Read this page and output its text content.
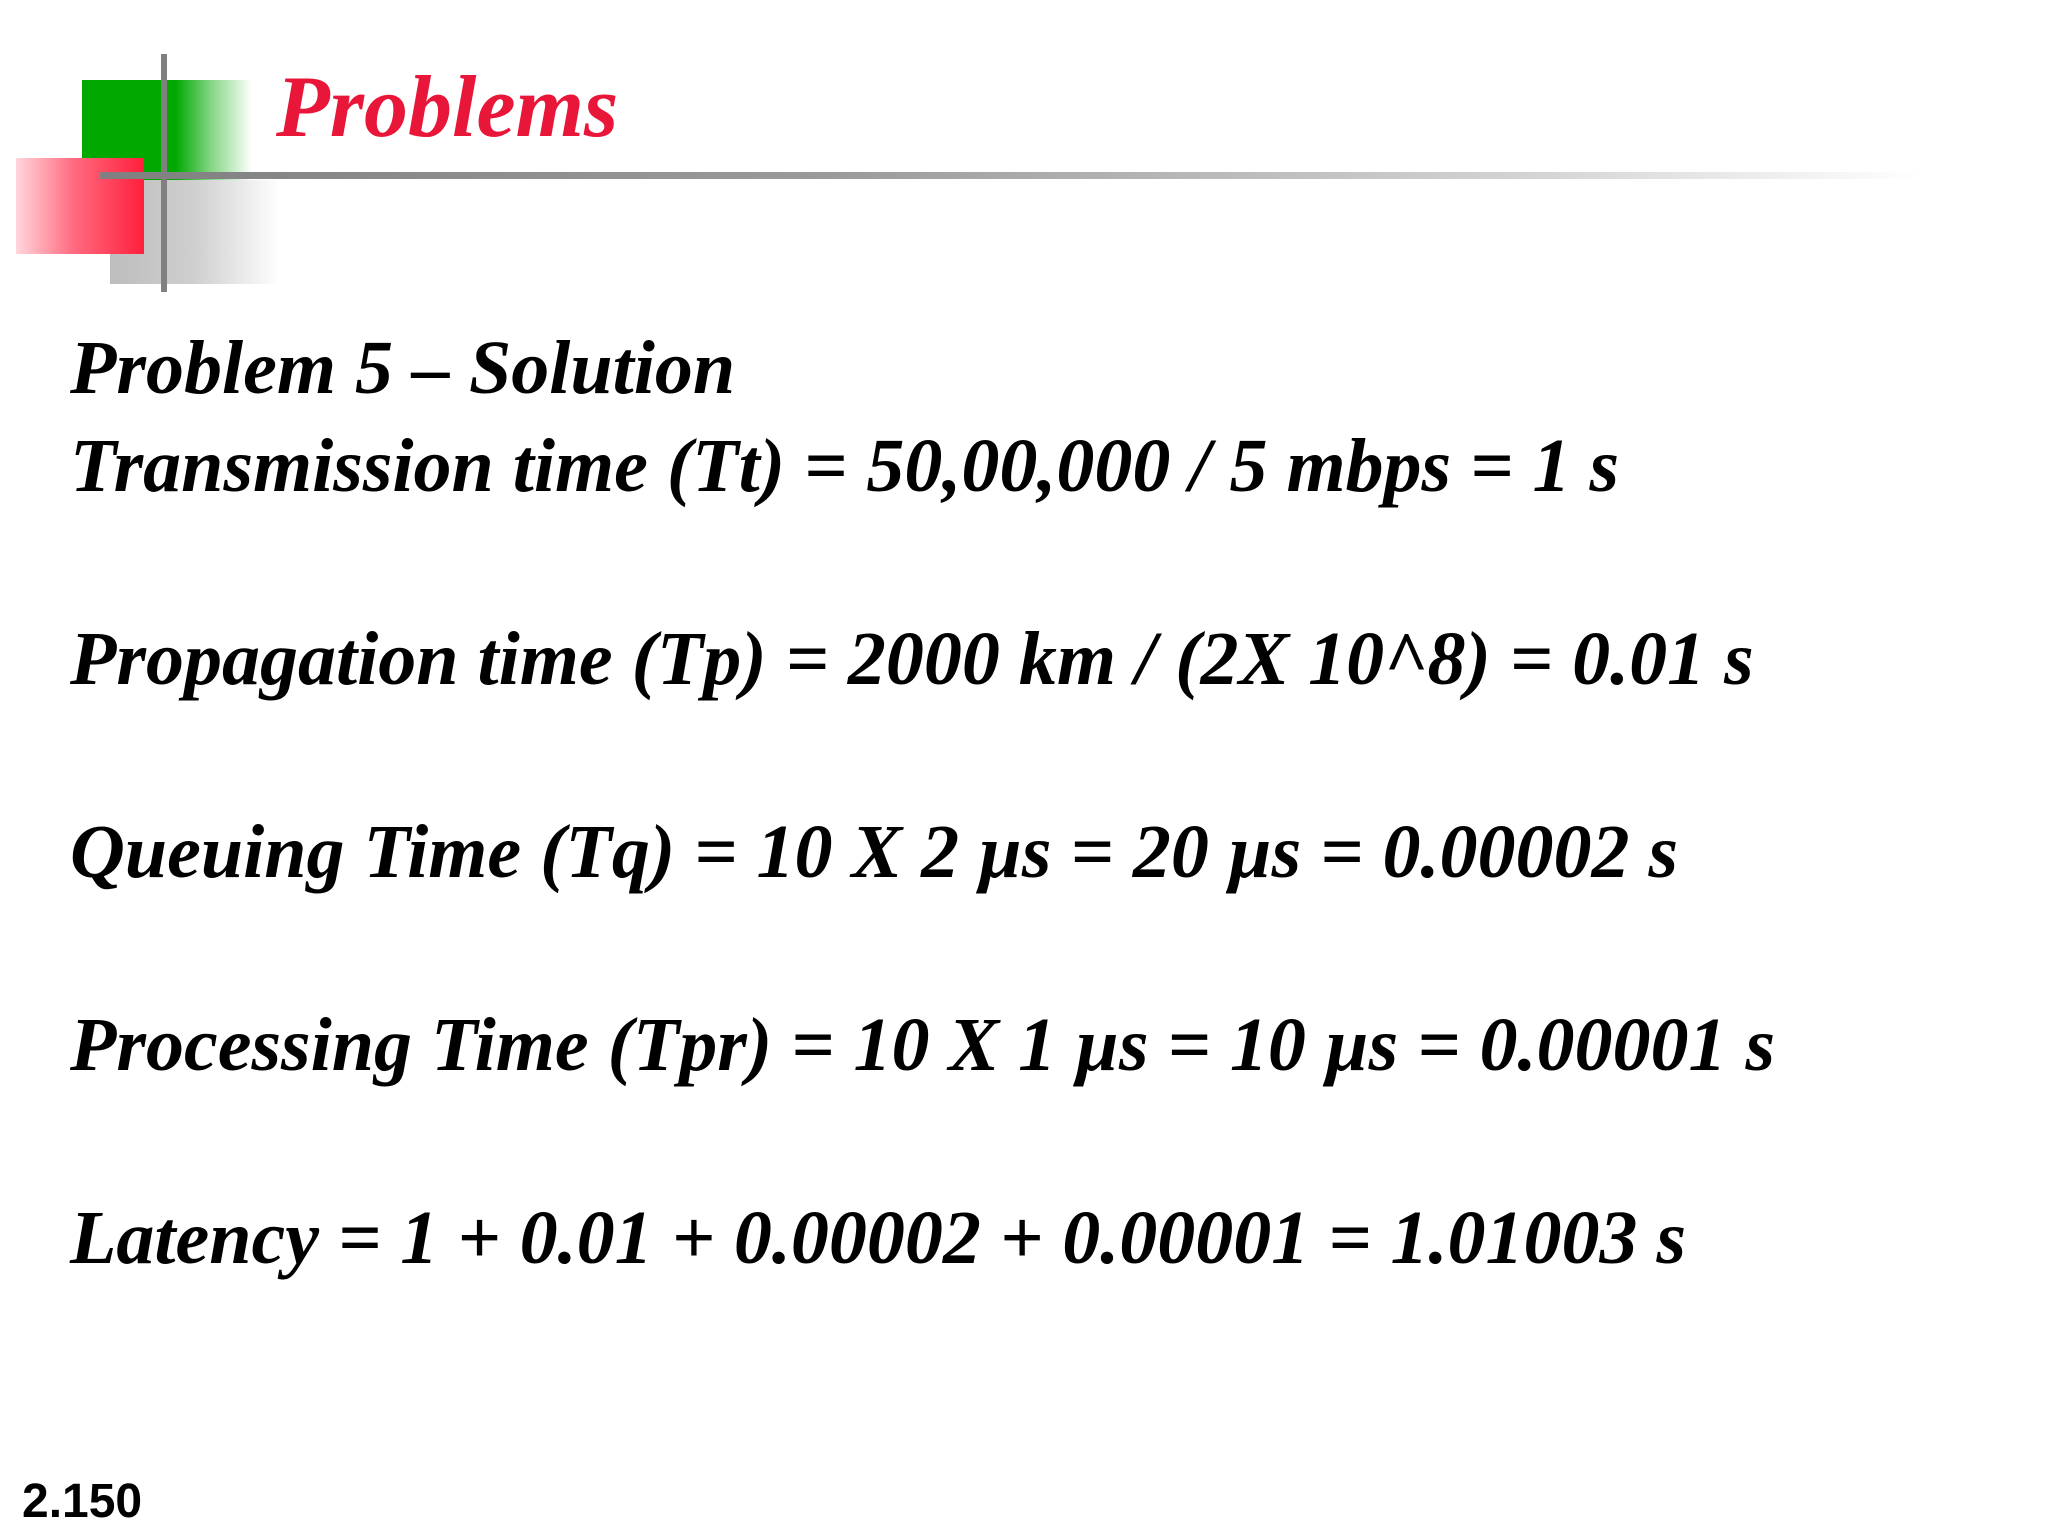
Problems

Problem 5 – Solution

Transmission time (Tt) = 50,00,000 / 5 mbps = 1 s

Propagation time (Tp) = 2000 km / (2X 10^8) = 0.01 s

Queuing Time (Tq) = 10 X 2 µs = 20 µs = 0.00002 s

Processing Time (Tpr) = 10 X 1 µs = 10 µs = 0.00001 s

Latency = 1 + 0.01 + 0.00002 + 0.00001 = 1.01003 s

2.150
